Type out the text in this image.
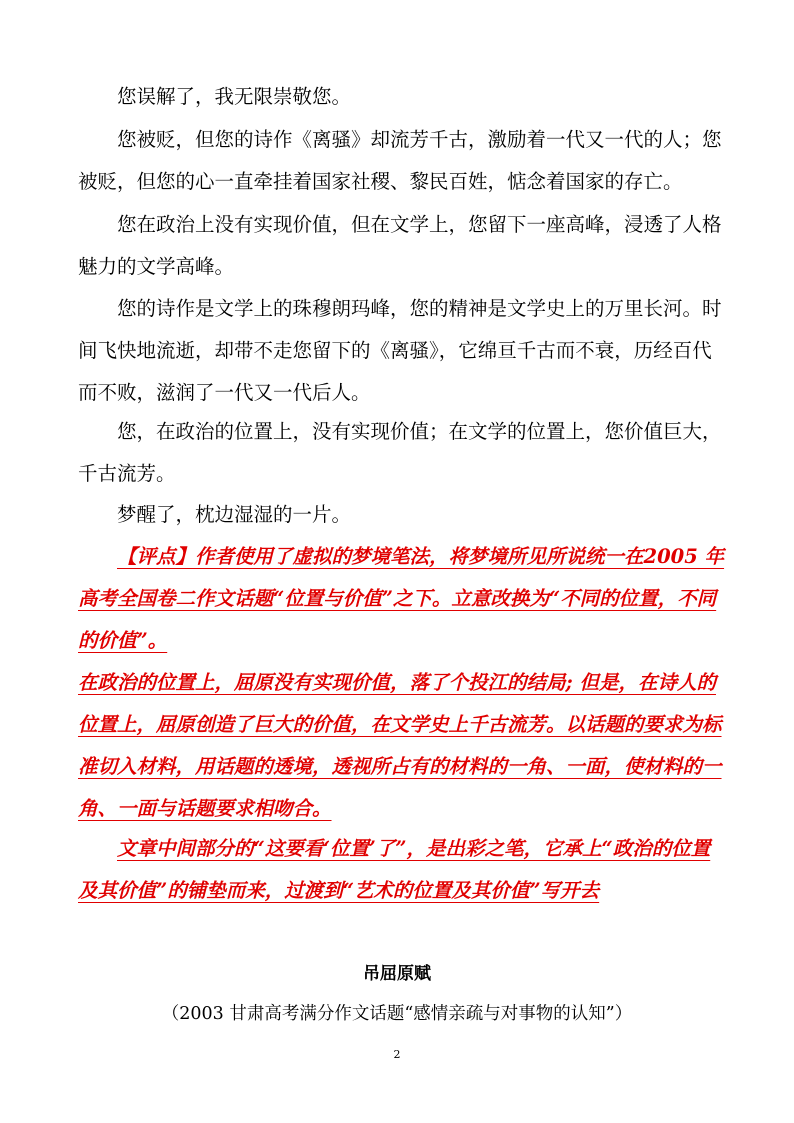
您误解了，我无限崇敬您。

您被贬，但您的诗作《离骚》却流芳千古，激励着一代又一代的人；您被贬，但您的心一直牵挂着国家社稷、黎民百姓，惦念着国家的存亡。

您在政治上没有实现价值，但在文学上，您留下一座高峰，浸透了人格魅力的文学高峰。

您的诗作是文学上的珠穆朗玛峰，您的精神是文学史上的万里长河。时间飞快地流逝，却带不走您留下的《离骚》，它绵亘千古而不衰，历经百代而不败，滋润了一代又一代后人。

您，在政治的位置上，没有实现价值；在文学的位置上，您价值巨大，千古流芳。

梦醒了，枕边湿湿的一片。

【评点】作者使用了虚拟的梦境笔法，将梦境所见所说统一在2005 年高考全国卷二作文话题“位置与价值”之下。立意改换为“不同的位置，不同的价值”。

在政治的位置上，屈原没有实现价值，落了个投江的结局; 但是，在诗人的位置上，屈原创造了巨大的价值，在文学史上千古流芳。以话题的要求为标准切入材料，用话题的透境，透视所占有的材料的一角、一面，使材料的一角、一面与话题要求相吻合。

文章中间部分的“这要看‘位置’了”，是出彩之笔，它承上“政治的位置及其价值”的铺垫而来，过渡到“艺术的位置及其价值”写开去

吊屈原赋
（2003 甘肃高考满分作文话题“感情亲疏与对事物的认知”）
2
